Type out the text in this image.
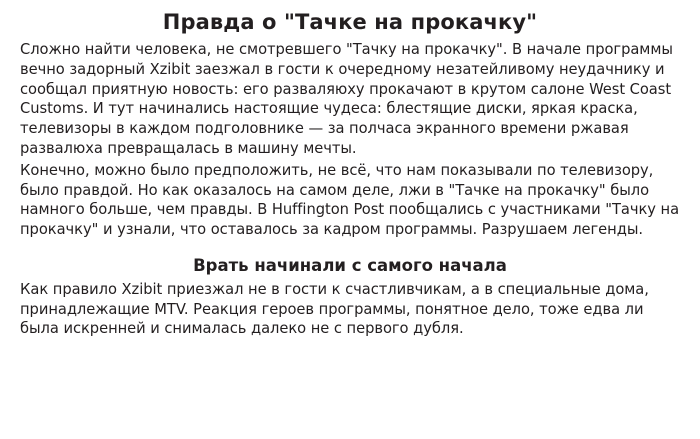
Правда о "Тачке на прокачку"

Сложно найти человека, не смотревшего "Тачку на прокачку". В начале программы вечно задорный Xzibit заезжал в гости к очередному незатейливому неудачнику и сообщал приятную новость: его разваляюху прокачают в крутом салоне West Coast Customs. И тут начинались настоящие чудеса: блестящие диски, яркая краска, телевизоры в каждом подголовнике — за полчаса экранного времени ржавая развалюха превращалась в машину мечты.

Конечно, можно было предположить, не всё, что нам показывали по телевизору, было правдой. Но как оказалось на самом деле, лжи в "Тачке на прокачку" было намного больше, чем правды. В Huffington Post пообщались с участниками "Тачку на прокачку" и узнали, что оставалось за кадром программы. Разрушаем легенды.

Врать начинали с самого начала

Как правило Xzibit приезжал не в гости к счастливчикам, а в специальные дома, принадлежащие MTV. Реакция героев программы, понятное дело, тоже едва ли была искренней и снималась далеко не с первого дубля.
